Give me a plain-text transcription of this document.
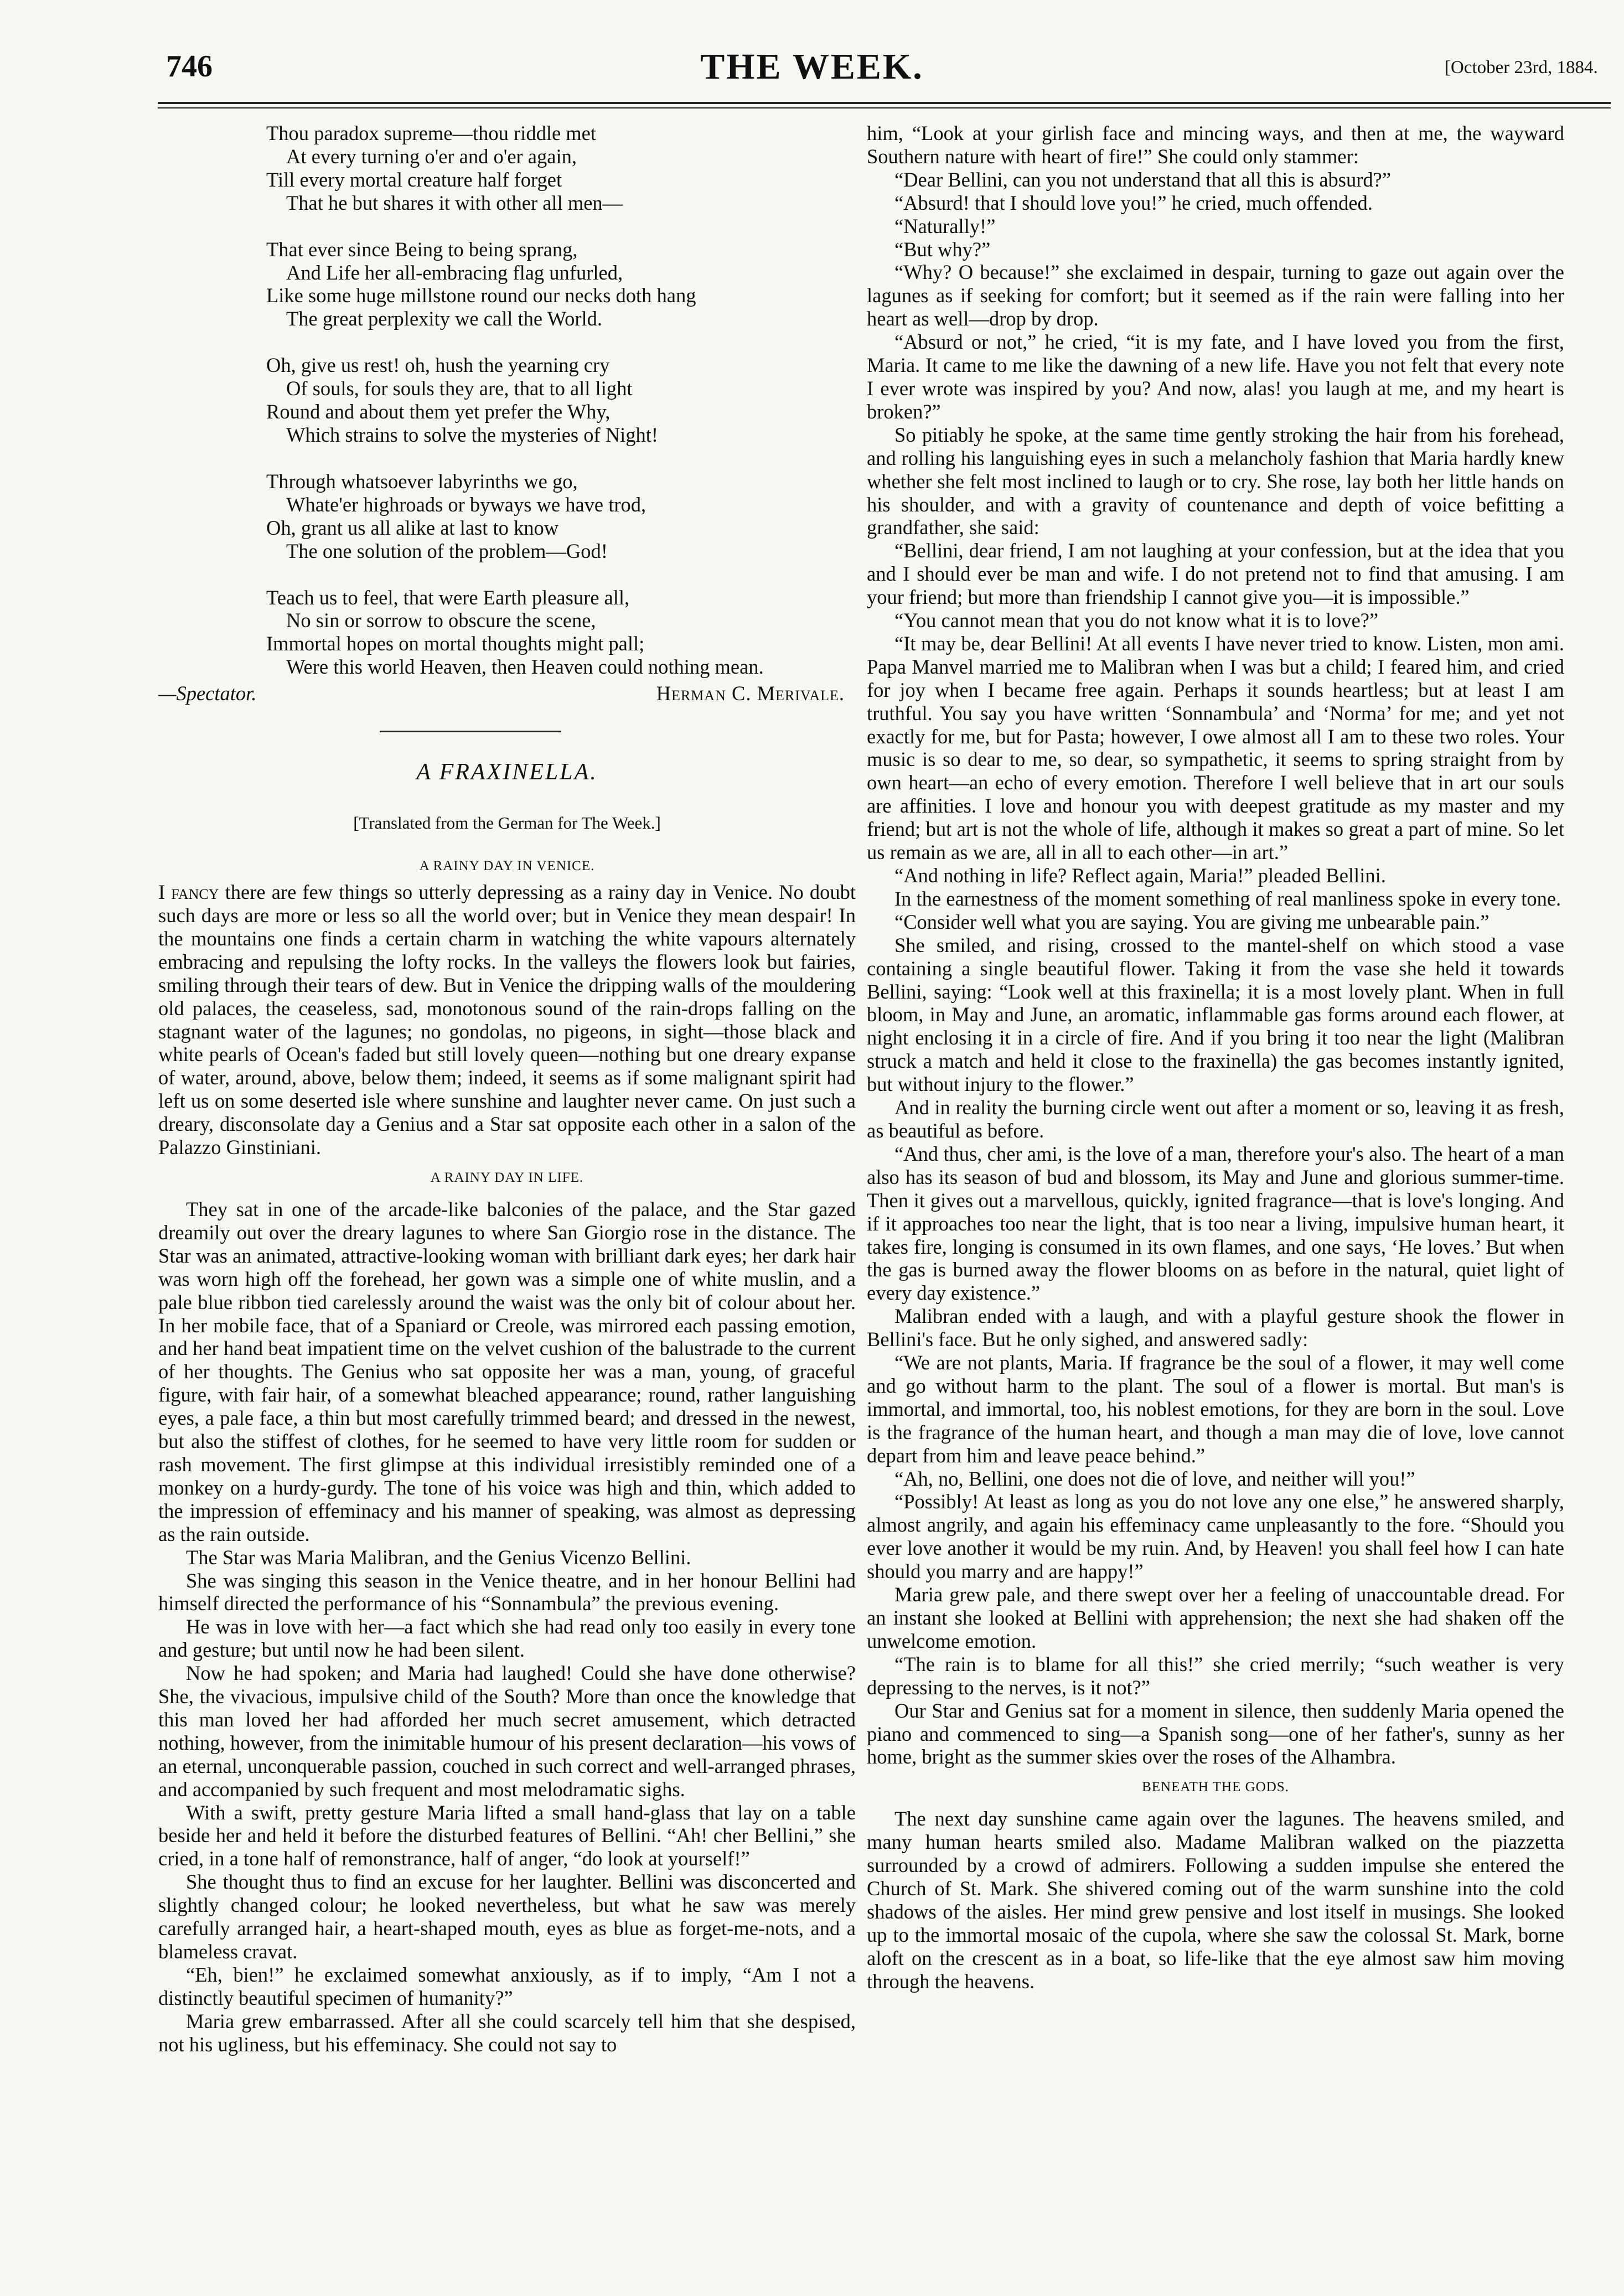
746	THE WEEK.	[October 23rd, 1884.
Thou paradox supreme—thou riddle met
At every turning o'er and o'er again,
Till every mortal creature half forget
That he but shares it with other all men—
That ever since Being to being sprang,
And Life her all-embracing flag unfurled,
Like some huge millstone round our necks doth hang
The great perplexity we call the World.
Oh, give us rest! oh, hush the yearning cry
Of souls, for souls they are, that to all light
Round and about them yet prefer the Why,
Which strains to solve the mysteries of Night!
Through whatsoever labyrinths we go,
Whate'er highroads or byways we have trod,
Oh, grant us all alike at last to know
The one solution of the problem—God!
Teach us to feel, that were Earth pleasure all,
No sin or sorrow to obscure the scene,
Immortal hopes on mortal thoughts might pall;
Were this world Heaven, then Heaven could nothing mean.
—Spectator.	Herman C. Merivale.
A FRAXINELLA.
[Translated from the German for The Week.]
A RAINY DAY IN VENICE.

I fancy there are few things so utterly depressing as a rainy day in Venice. No doubt such days are more or less so all the world over; but in Venice they mean despair! In the mountains one finds a certain charm in watching the white vapours alternately embracing and repulsing the lofty rocks. In the valleys the flowers look but fairies, smiling through their tears of dew. But in Venice the dripping walls of the mouldering old palaces, the ceaseless, sad, monotonous sound of the rain-drops falling on the stagnant water of the lagunes; no gondolas, no pigeons, in sight—those black and white pearls of Ocean's faded but still lovely queen—nothing but one dreary expanse of water, around, above, below them; indeed, it seems as if some malignant spirit had left us on some deserted isle where sunshine and laughter never came. On just such a dreary, disconsolate day a Genius and a Star sat opposite each other in a salon of the Palazzo Ginstiniani.

A RAINY DAY IN LIFE.

They sat in one of the arcade-like balconies of the palace, and the Star gazed dreamily out over the dreary lagunes to where San Giorgio rose in the distance. The Star was an animated, attractive-looking woman with brilliant dark eyes; her dark hair was worn high off the forehead, her gown was a simple one of white muslin, and a pale blue ribbon tied carelessly around the waist was the only bit of colour about her. In her mobile face, that of a Spaniard or Creole, was mirrored each passing emotion, and her hand beat impatient time on the velvet cushion of the balustrade to the current of her thoughts. The Genius who sat opposite her was a man, young, of graceful figure, with fair hair, of a somewhat bleached appearance; round, rather languishing eyes, a pale face, a thin but most carefully trimmed beard; and dressed in the newest, but also the stiffest of clothes, for he seemed to have very little room for sudden or rash movement. The first glimpse at this individual irresistibly reminded one of a monkey on a hurdy-gurdy. The tone of his voice was high and thin, which added to the impression of effeminacy and his manner of speaking, was almost as depressing as the rain outside.

The Star was Maria Malibran, and the Genius Vicenzo Bellini.

She was singing this season in the Venice theatre, and in her honour Bellini had himself directed the performance of his “Sonnambula” the previous evening.

He was in love with her—a fact which she had read only too easily in every tone and gesture; but until now he had been silent.

Now he had spoken; and Maria had laughed! Could she have done otherwise? She, the vivacious, impulsive child of the South? More than once the knowledge that this man loved her had afforded her much secret amusement, which detracted nothing, however, from the inimitable humour of his present declaration—his vows of an eternal, unconquerable passion, couched in such correct and well-arranged phrases, and accompanied by such frequent and most melodramatic sighs.

With a swift, pretty gesture Maria lifted a small hand-glass that lay on a table beside her and held it before the disturbed features of Bellini. “Ah! cher Bellini,” she cried, in a tone half of remonstrance, half of anger, “do look at yourself!”

She thought thus to find an excuse for her laughter. Bellini was disconcerted and slightly changed colour; he looked nevertheless, but what he saw was merely carefully arranged hair, a heart-shaped mouth, eyes as blue as forget-me-nots, and a blameless cravat.

“Eh, bien!” he exclaimed somewhat anxiously, as if to imply, “Am I not a distinctly beautiful specimen of humanity?”

Maria grew embarrassed. After all she could scarcely tell him that she despised, not his ugliness, but his effeminacy. She could not say to

him, “Look at your girlish face and mincing ways, and then at me, the wayward Southern nature with heart of fire!” She could only stammer:

“Dear Bellini, can you not understand that all this is absurd?”

“Absurd! that I should love you!” he cried, much offended.

“Naturally!”

“But why?”

“Why? O because!” she exclaimed in despair, turning to gaze out again over the lagunes as if seeking for comfort; but it seemed as if the rain were falling into her heart as well—drop by drop.

“Absurd or not,” he cried, “it is my fate, and I have loved you from the first, Maria. It came to me like the dawning of a new life. Have you not felt that every note I ever wrote was inspired by you? And now, alas! you laugh at me, and my heart is broken?”

So pitiably he spoke, at the same time gently stroking the hair from his forehead, and rolling his languishing eyes in such a melancholy fashion that Maria hardly knew whether she felt most inclined to laugh or to cry. She rose, lay both her little hands on his shoulder, and with a gravity of countenance and depth of voice befitting a grandfather, she said:

“Bellini, dear friend, I am not laughing at your confession, but at the idea that you and I should ever be man and wife. I do not pretend not to find that amusing. I am your friend; but more than friendship I cannot give you—it is impossible.”

“You cannot mean that you do not know what it is to love?”

“It may be, dear Bellini! At all events I have never tried to know. Listen, mon ami. Papa Manvel married me to Malibran when I was but a child; I feared him, and cried for joy when I became free again. Perhaps it sounds heartless; but at least I am truthful. You say you have written ‘Sonnambula’ and ‘Norma’ for me; and yet not exactly for me, but for Pasta; however, I owe almost all I am to these two roles. Your music is so dear to me, so dear, so sympathetic, it seems to spring straight from by own heart—an echo of every emotion. Therefore I well believe that in art our souls are affinities. I love and honour you with deepest gratitude as my master and my friend; but art is not the whole of life, although it makes so great a part of mine. So let us remain as we are, all in all to each other—in art.”

“And nothing in life? Reflect again, Maria!” pleaded Bellini.

In the earnestness of the moment something of real manliness spoke in every tone.

“Consider well what you are saying. You are giving me unbearable pain.”

She smiled, and rising, crossed to the mantel-shelf on which stood a vase containing a single beautiful flower. Taking it from the vase she held it towards Bellini, saying: “Look well at this fraxinella; it is a most lovely plant. When in full bloom, in May and June, an aromatic, inflammable gas forms around each flower, at night enclosing it in a circle of fire. And if you bring it too near the light (Malibran struck a match and held it close to the fraxinella) the gas becomes instantly ignited, but without injury to the flower.”

And in reality the burning circle went out after a moment or so, leaving it as fresh, as beautiful as before.

“And thus, cher ami, is the love of a man, therefore your's also. The heart of a man also has its season of bud and blossom, its May and June and glorious summer-time. Then it gives out a marvellous, quickly, ignited fragrance—that is love's longing. And if it approaches too near the light, that is too near a living, impulsive human heart, it takes fire, longing is consumed in its own flames, and one says, ‘He loves.’ But when the gas is burned away the flower blooms on as before in the natural, quiet light of every day existence.”

Malibran ended with a laugh, and with a playful gesture shook the flower in Bellini's face. But he only sighed, and answered sadly:

“We are not plants, Maria. If fragrance be the soul of a flower, it may well come and go without harm to the plant. The soul of a flower is mortal. But man's is immortal, and immortal, too, his noblest emotions, for they are born in the soul. Love is the fragrance of the human heart, and though a man may die of love, love cannot depart from him and leave peace behind.”

“Ah, no, Bellini, one does not die of love, and neither will you!”

“Possibly! At least as long as you do not love any one else,” he answered sharply, almost angrily, and again his effeminacy came unpleasantly to the fore. “Should you ever love another it would be my ruin. And, by Heaven! you shall feel how I can hate should you marry and are happy!”

Maria grew pale, and there swept over her a feeling of unaccountable dread. For an instant she looked at Bellini with apprehension; the next she had shaken off the unwelcome emotion.

“The rain is to blame for all this!” she cried merrily; “such weather is very depressing to the nerves, is it not?”

Our Star and Genius sat for a moment in silence, then suddenly Maria opened the piano and commenced to sing—a Spanish song—one of her father's, sunny as her home, bright as the summer skies over the roses of the Alhambra.

BENEATH THE GODS.

The next day sunshine came again over the lagunes. The heavens smiled, and many human hearts smiled also. Madame Malibran walked on the piazzetta surrounded by a crowd of admirers. Following a sudden impulse she entered the Church of St. Mark. She shivered coming out of the warm sunshine into the cold shadows of the aisles. Her mind grew pensive and lost itself in musings. She looked up to the immortal mosaic of the cupola, where she saw the colossal St. Mark, borne aloft on the crescent as in a boat, so life-like that the eye almost saw him moving through the heavens.
